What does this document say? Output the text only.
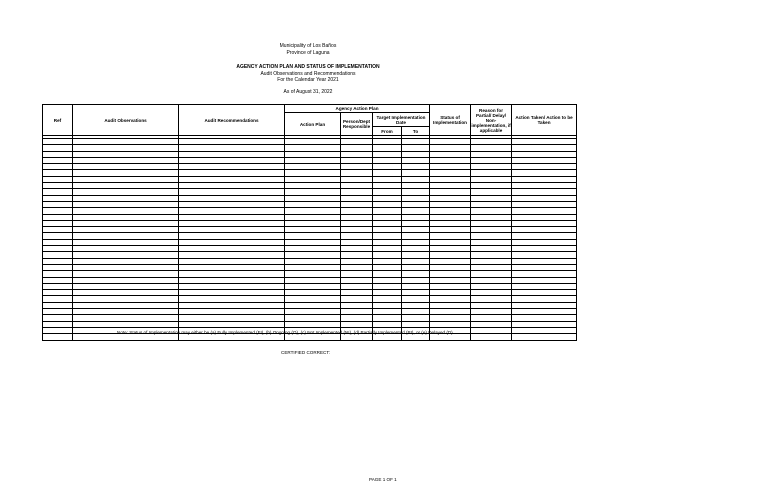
Municipality of Los Baños
Province of Laguna
AGENCY ACTION PLAN AND STATUS OF IMPLEMENTATION
Audit Observations and Recommendations
For the Calendar Year 2021
As of August 31, 2022
Ref	Audit Observations	Audit Recommendations	Agency Action Plan				Status of Implementation	Reason for Partial/ Delay/ Non-implementation, if applicable	Action Taken/ Action to be Taken
			Action Plan	Person/Dept Responsible	Target Implementation Date				
					From	To			

Note: Status of Implementation may either be (a) Fully Implemented (FI), (b) Ongoing (O), (c) Not Implemented (NI), (d) Partially Implemented (PI), or (e) Delayed (D)
CERTIFIED CORRECT:
PAGE 1 OF 1
